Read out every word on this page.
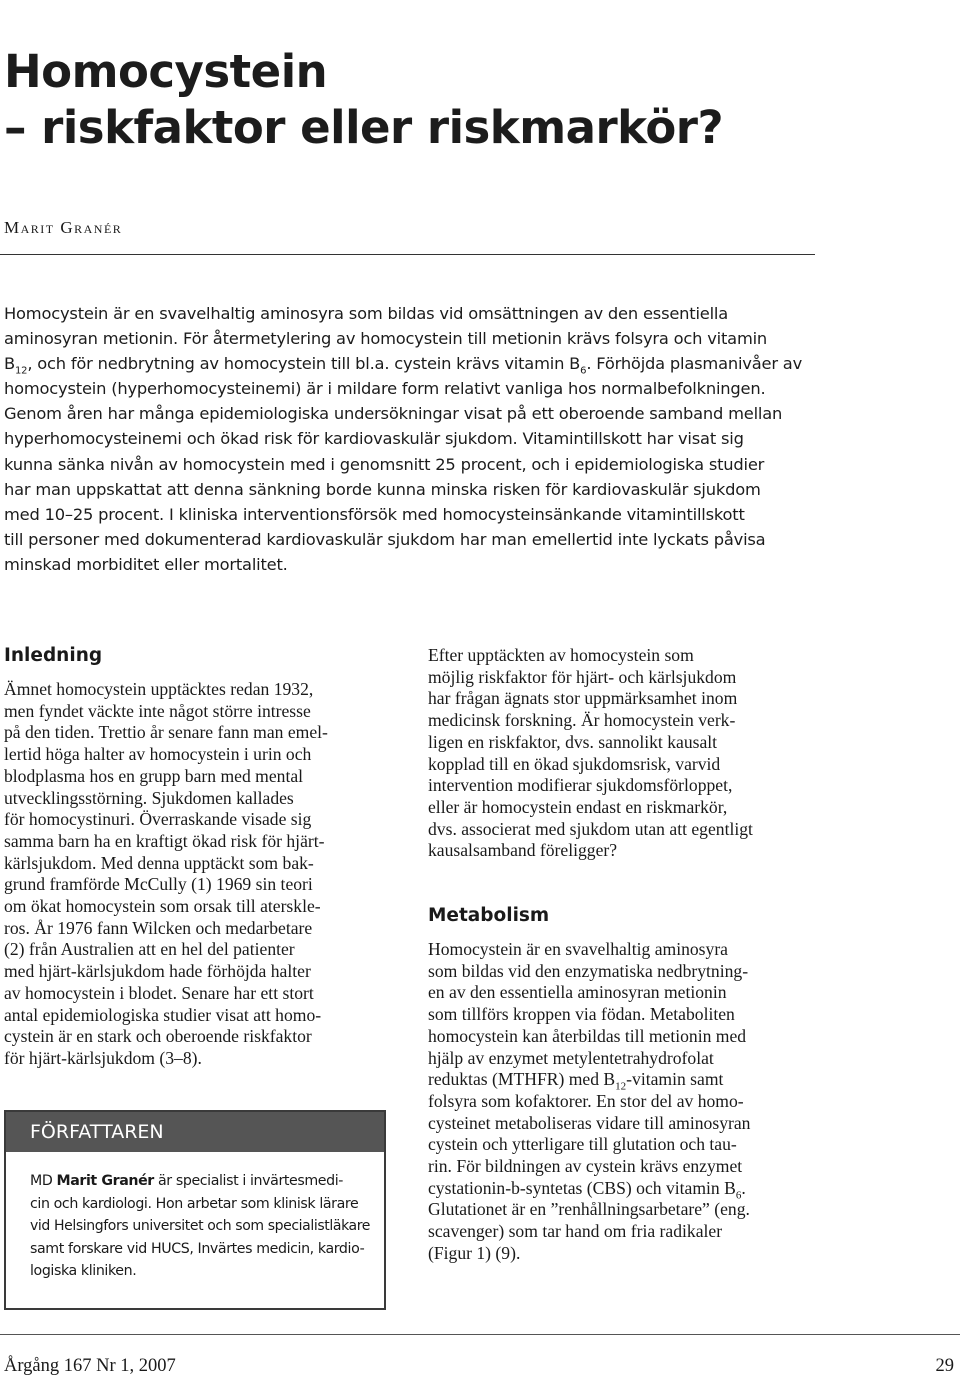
Homocystein
– riskfaktor eller riskmarkör?
Marit Granér
Homocystein är en svavelhaltig aminosyra som bildas vid omsättningen av den essentiella
aminosyran metionin. För återmetylering av homocystein till metionin krävs folsyra och vitamin
$B_{12}$, och för nedbrytning av homocystein till bl.a. cystein krävs vitamin $B_6$. Förhöjda plasmanivåer av
homocystein (hyperhomocysteinemi) är i mildare form relativt vanliga hos normalbefolkningen.
Genom åren har många epidemiologiska undersökningar visat på ett oberoende samband mellan
hyperhomocysteinemi och ökad risk för kardiovaskulär sjukdom. Vitamintillskott har visat sig
kunna sänka nivån av homocystein med i genomsnitt 25 procent, och i epidemiologiska studier
har man uppskattat att denna sänkning borde kunna minska risken för kardiovaskulär sjukdom
med 10–25 procent. I kliniska interventionsförsök med homocysteinsänkande vitamintillskott
till personer med dokumenterad kardiovaskulär sjukdom har man emellertid inte lyckats påvisa
minskad morbiditet eller mortalitet.
Inledning
Ämnet homocystein upptäcktes redan 1932,
men fyndet väckte inte något större intresse
på den tiden. Trettio år senare fann man emel-
lertid höga halter av homocystein i urin och
blodplasma hos en grupp barn med mental
utvecklingsstörning. Sjukdomen kallades
för homocystinuri. Överraskande visade sig
samma barn ha en kraftigt ökad risk för hjärt-
kärlsjukdom. Med denna upptäckt som bak-
grund framförde McCully (1) 1969 sin teori
om ökat homocystein som orsak till aterskle-
ros. År 1976 fann Wilcken och medarbetare
(2) från Australien att en hel del patienter
med hjärt-kärlsjukdom hade förhöjda halter
av homocystein i blodet. Senare har ett stort
antal epidemiologiska studier visat att homo-
cystein är en stark och oberoende riskfaktor
för hjärt-kärlsjukdom (3–8).
Efter upptäckten av homocystein som
möjlig riskfaktor för hjärt- och kärlsjukdom
har frågan ägnats stor uppmärksamhet inom
medicinsk forskning. Är homocystein verk-
ligen en riskfaktor, dvs. sannolikt kausalt
kopplad till en ökad sjukdomsrisk, varvid
intervention modifierar sjukdomsförloppet,
eller är homocystein endast en riskmarkör,
dvs. associerat med sjukdom utan att egentligt
kausalsamband föreligger?
Metabolism
Homocystein är en svavelhaltig aminosyra
som bildas vid den enzymatiska nedbrytning-
en av den essentiella aminosyran metionin
som tillförs kroppen via födan. Metaboliten
homocystein kan återbildas till metionin med
hjälp av enzymet metylentetrahydrofolat
reduktas (MTHFR) med $B_{12}$-vitamin samt
folsyra som kofaktorer. En stor del av homo-
cysteinet metaboliseras vidare till aminosyran
cystein och ytterligare till glutation och tau-
rin. För bildningen av cystein krävs enzymet
cystationin-b-syntetas (CBS) och vitamin $B_6$.
Glutationet är en ”renhållningsarbetare” (eng.
scavenger) som tar hand om fria radikaler
(Figur 1) (9).
FÖRFATTAREN
MD Marit Granér är specialist i invärtesmedi-
cin och kardiologi. Hon arbetar som klinisk lärare
vid Helsingfors universitet och som specialistläkare
samt forskare vid HUCS, Invärtes medicin, kardio-
logiska kliniken.
Årgång 167 Nr 1, 2007	29
